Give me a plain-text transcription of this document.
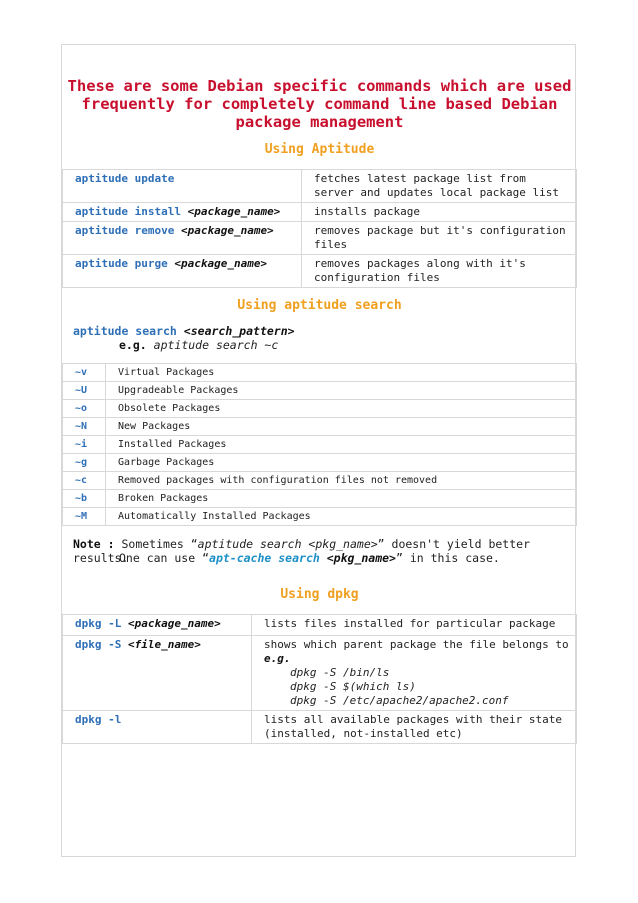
These are some Debian specific commands which are used
frequently for completely command line based Debian
package management
Using Aptitude
aptitude update	fetches latest package list from
server and updates local package list

aptitude install <package_name>	installs package

aptitude remove <package_name>	removes package but it's configuration
files

aptitude purge <package_name>	removes packages along with it's
configuration files
Using aptitude search
aptitude search <search_pattern>
e.g. aptitude search ~c
~v	Virtual Packages
~U	Upgradeable Packages
~o	Obsolete Packages
~N	New Packages
~i	Installed Packages
~g	Garbage Packages
~c	Removed packages with configuration files not removed
~b	Broken Packages
~M	Automatically Installed Packages
Note : Sometimes “aptitude search <pkg_name>” doesn't yield better results.
One can use “apt-cache search <pkg_name>” in this case.
Using dpkg
dpkg -L <package_name>	lists files installed for particular package
dpkg -S <file_name>	shows which parent package the file belongs to
e.g.
dpkg -S /bin/ls
dpkg -S $(which ls)
dpkg -S /etc/apache2/apache2.conf

dpkg -l	lists all available packages with their state
(installed, not-installed etc)
